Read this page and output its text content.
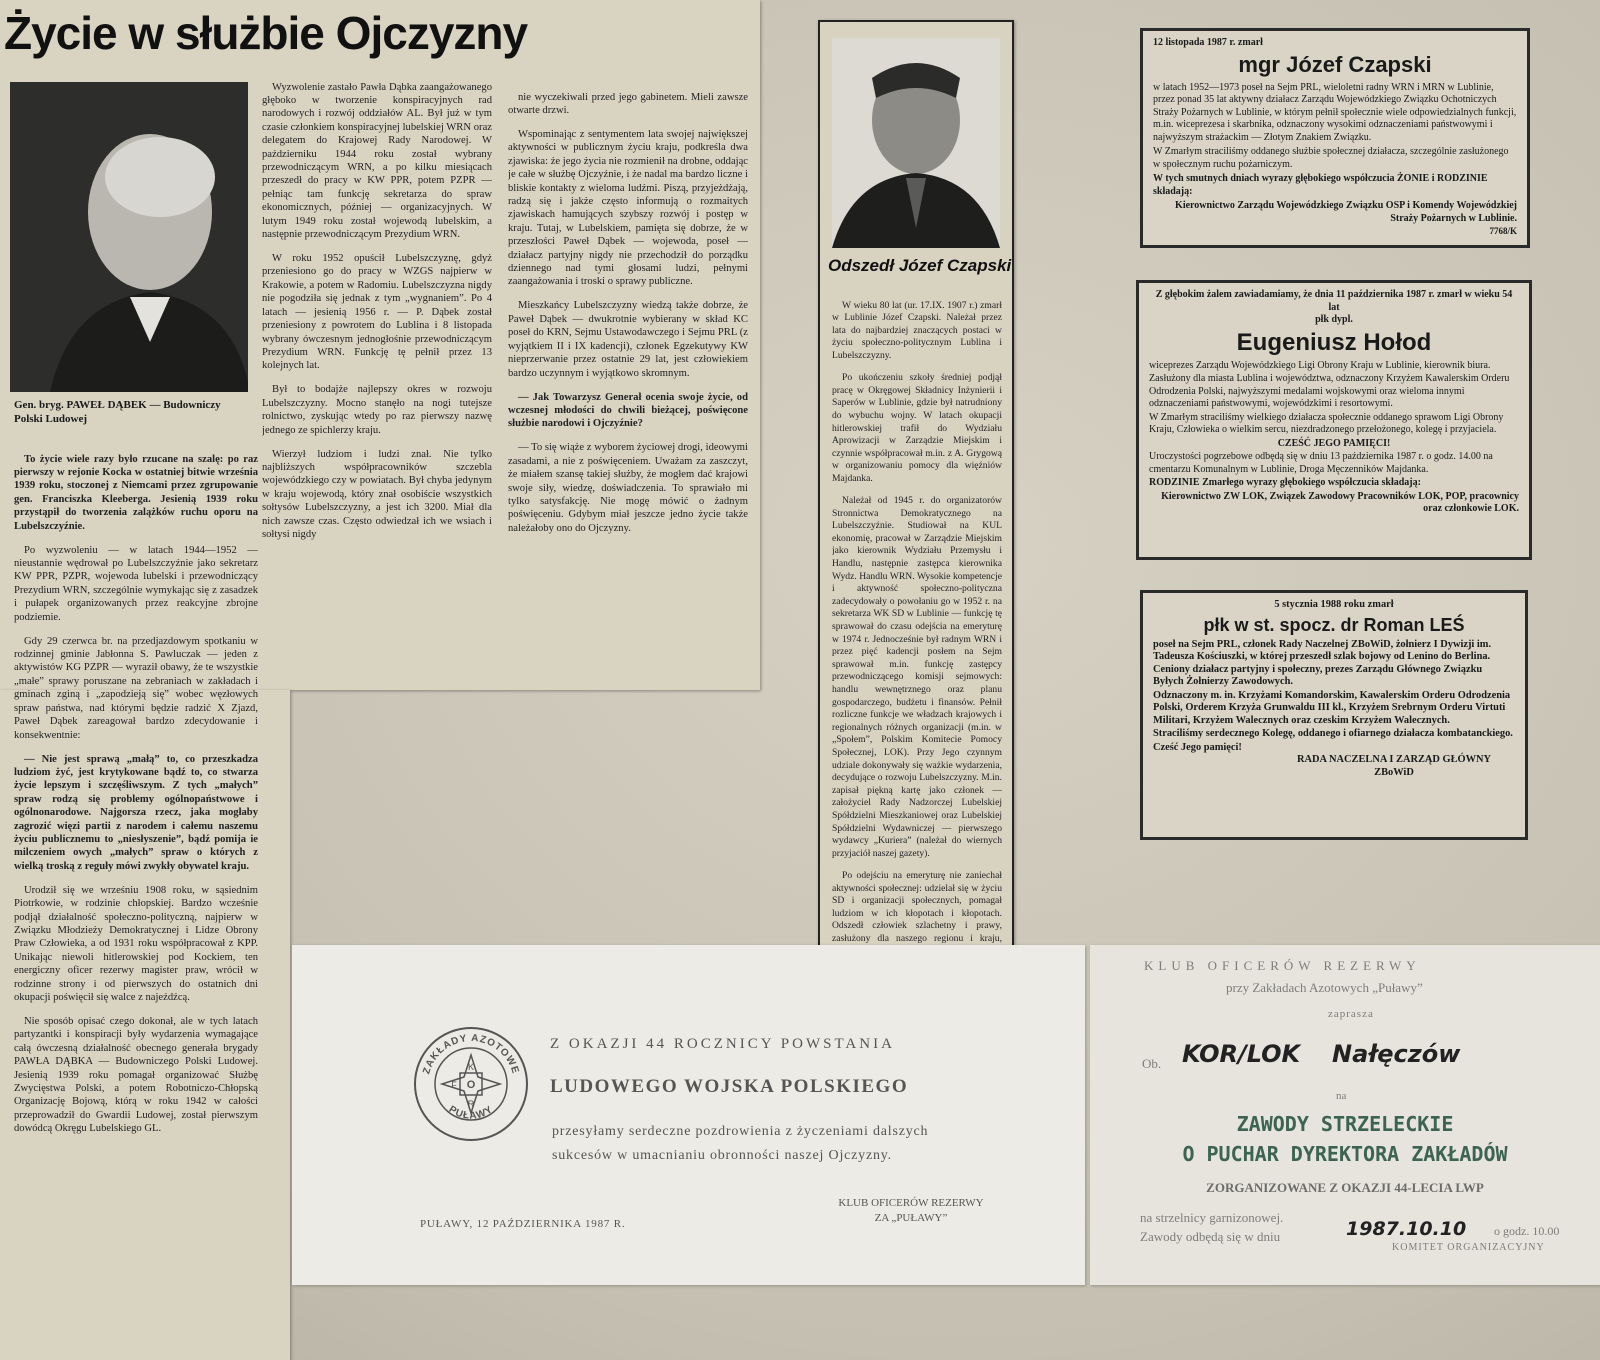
Życie w służbie Ojczyzny
Gen. bryg. PAWEŁ DĄBEK — Budowniczy Polski Ludowej

To życie wiele razy było rzucane na szalę: po raz pierwszy w rejonie Kocka w ostatniej bitwie września 1939 roku, stoczonej z Niemcami przez zgrupowanie gen. Franciszka Kleeberga. Jesienią 1939 roku przystąpił do tworzenia zalążków ruchu oporu na Lubelszczyźnie.

Po wyzwoleniu — w latach 1944—1952 — nieustannie wędrował po Lubelszczyźnie jako sekretarz KW PPR, PZPR, wojewoda lubelski i przewodniczący Prezydium WRN, szczególnie wymykając się z zasadzek i pułapek organizowanych przez reakcyjne zbrojne podziemie.

Gdy 29 czerwca br. na przedjazdowym spotkaniu w rodzinnej gminie Jabłonna S. Pawluczak — jeden z aktywistów KG PZPR — wyraził obawy, że te wszystkie „małe” sprawy poruszane na zebraniach w zakładach i gminach zginą i „zapodzieją się” wobec węzłowych spraw państwa, nad którymi będzie radzić X Zjazd, Paweł Dąbek zareagował bardzo zdecydowanie i konsekwentnie:

— Nie jest sprawą „małą” to, co przeszkadza ludziom żyć, jest krytykowane bądź to, co stwarza życie lepszym i szczęśliwszym. Z tych „małych” spraw rodzą się problemy ogólnopaństwowe i ogólnonarodowe. Najgorsza rzecz, jaka mogłaby zagrozić więzi partii z narodem i całemu naszemu życiu publicznemu to „niesłyszenie”, bądź pomija ie milczeniem owych „małych” spraw o których z wielką troską z reguły mówi zwykły obywatel kraju.

Urodził się we wrześniu 1908 roku, w sąsiednim Piotrkowie, w rodzinie chłopskiej. Bardzo wcześnie podjął działalność społeczno-polityczną, najpierw w Związku Młodzieży Demokratycznej i Lidze Obrony Praw Człowieka, a od 1931 roku współpracował z KPP. Unikając niewoli hitlerowskiej pod Kockiem, ten energiczny oficer rezerwy magister praw, wrócił w rodzinne strony i od pierwszych do ostatnich dni okupacji poświęcił się walce z najeźdźcą.

Nie sposób opisać czego dokonał, ale w tych latach partyzantki i konspiracji były wydarzenia wymagające całą ówczesną działalność obecnego generała brygady PAWŁA DĄBKA — Budowniczego Polski Ludowej. Jesienią 1939 roku pomagał organizować Służbę Zwycięstwa Polski, a potem Robotniczo-Chłopską Organizację Bojową, którą w roku 1942 w całości przeprowadził do Gwardii Ludowej, został pierwszym dowódcą Okręgu Lubelskiego GL.

Wyzwolenie zastało Pawła Dąbka zaangażowanego głęboko w tworzenie konspiracyjnych rad narodowych i rozwój oddziałów AL. Był już w tym czasie członkiem konspiracyjnej lubelskiej WRN oraz delegatem do Krajowej Rady Narodowej. W październiku 1944 roku został wybrany przewodniczącym WRN, a po kilku miesiącach przeszedł do pracy w KW PPR, potem PZPR — pełniąc tam funkcję sekretarza do spraw ekonomicznych, później — organizacyjnych. W lutym 1949 roku został wojewodą lubelskim, a następnie przewodniczącym Prezydium WRN.

W roku 1952 opuścił Lubelszczyznę, gdyż przeniesiono go do pracy w WZGS najpierw w Krakowie, a potem w Radomiu. Lubelszczyzna nigdy nie pogodziła się jednak z tym „wygnaniem”. Po 4 latach — jesienią 1956 r. — P. Dąbek został przeniesiony z powrotem do Lublina i 8 listopada wybrany ówczesnym jednogłośnie przewodniczącym Prezydium WRN. Funkcję tę pełnił przez 13 kolejnych lat.

Był to bodajże najlepszy okres w rozwoju Lubelszczyzny. Mocno stanęło na nogi tutejsze rolnictwo, zyskując wtedy po raz pierwszy nazwę jednego ze spichlerzy kraju.

Wierzył ludziom i ludzi znał. Nie tylko najbliższych współpracowników szczebla wojewódzkiego czy w powiatach. Był chyba jedynym w kraju wojewodą, który znał osobiście wszystkich sołtysów Lubelszczyzny, a jest ich 3200. Miał dla nich zawsze czas. Często odwiedzał ich we wsiach i sołtysi nigdy

nie wyczekiwali przed jego gabinetem. Mieli zawsze otwarte drzwi.

Wspominając z sentymentem lata swojej największej aktywności w publicznym życiu kraju, podkreśla dwa zjawiska: że jego życia nie rozmienił na drobne, oddając je całe w służbę Ojczyźnie, i że nadal ma bardzo liczne i bliskie kontakty z wieloma ludźmi. Piszą, przyjeżdżają, radzą się i jakże często informują o rozmaitych zjawiskach hamujących szybszy rozwój i postęp w kraju. Tutaj, w Lubelskiem, pamięta się dobrze, że w przeszłości Paweł Dąbek — wojewoda, poseł — działacz partyjny nigdy nie przechodził do porządku dziennego nad tymi głosami ludzi, pełnymi zaangażowania i troski o sprawy publiczne.

Mieszkańcy Lubelszczyzny wiedzą także dobrze, że Paweł Dąbek — dwukrotnie wybierany w skład KC poseł do KRN, Sejmu Ustawodawczego i Sejmu PRL (z wyjątkiem II i IX kadencji), członek Egzekutywy KW nieprzerwanie przez ostatnie 29 lat, jest człowiekiem bardzo uczynnym i wyjątkowo skromnym.

— Jak Towarzysz Generał ocenia swoje życie, od wczesnej młodości do chwili bieżącej, poświęcone służbie narodowi i Ojczyźnie?

— To się wiąże z wyborem życiowej drogi, ideowymi zasadami, a nie z poświęceniem. Uważam za zaszczyt, że miałem szansę takiej służby, że mogłem dać krajowi swoje siły, wiedzę, doświadczenia. To sprawiało mi tylko satysfakcję. Nie mogę mówić o żadnym poświęceniu. Gdybym miał jeszcze jedno życie także należałoby ono do Ojczyzny.

Odszedł Józef Czapski

W wieku 80 lat (ur. 17.IX. 1907 r.) zmarł w Lublinie Józef Czapski. Należał przez lata do najbardziej znaczących postaci w życiu społeczno-politycznym Lublina i Lubelszczyzny.

Po ukończeniu szkoły średniej podjął pracę w Okręgowej Składnicy Inżynierii i Saperów w Lublinie, gdzie był natrudniony do wybuchu wojny. W latach okupacji hitlerowskiej trafił do Wydziału Aprowizacji w Zarządzie Miejskim i czynnie współpracował m.in. z A. Grygową w organizowaniu pomocy dla więźniów Majdanka.

Należał od 1945 r. do organizatorów Stronnictwa Demokratycznego na Lubelszczyźnie. Studiował na KUL ekonomię, pracował w Zarządzie Miejskim jako kierownik Wydziału Przemysłu i Handlu, następnie zastępca kierownika Wydz. Handlu WRN. Wysokie kompetencje i aktywność społeczno-polityczna zadecydowały o powołaniu go w 1952 r. na sekretarza WK SD w Lublinie — funkcję tę sprawował do czasu odejścia na emeryturę w 1974 r. Jednocześnie był radnym WRN i przez pięć kadencji posłem na Sejm sprawował m.in. funkcję zastępcy przewodniczącego komisji sejmowych: handlu wewnętrznego oraz planu gospodarczego, budżetu i finansów. Pełnił rozliczne funkcje we władzach krajowych i regionalnych różnych organizacji (m.in. w „Społem”, Polskim Komitecie Pomocy Społecznej, LOK). Przy Jego czynnym udziale dokonywały się ważkie wydarzenia, decydujące o rozwoju Lubelszczyzny. M.in. zapisał piękną kartę jako członek — założyciel Rady Nadzorczej Lubelskiej Spółdzielni Mieszkaniowej oraz Lubelskiej Spółdzielni Wydawniczej — pierwszego wydawcy „Kuriera” (należał do wiernych przyjaciół naszej gazety).

Po odejściu na emeryturę nie zaniechał aktywności społecznej: udzielał się w życiu SD i organizacji społecznych, pomagał ludziom w ich kłopotach i kłopotach. Odszedł człowiek szlachetny i prawy, zasłużony dla naszego regionu i kraju,

12 listopada 1987 r. zmarł
mgr Józef Czapski

w latach 1952—1973 poseł na Sejm PRL, wieloletni radny WRN i MRN w Lublinie, przez ponad 35 lat aktywny działacz Zarządu Wojewódzkiego Związku Ochotniczych Straży Pożarnych w Lublinie, w którym pełnił społecznie wiele odpowiedzialnych funkcji, m.in. wiceprezesa i skarbnika, odznaczony wysokimi odznaczeniami państwowymi i najwyższym strażackim — Złotym Znakiem Związku.

W Zmarłym straciliśmy oddanego służbie społecznej działacza, szczególnie zasłużonego w społecznym ruchu pożarniczym.

W tych smutnych dniach wyrazy głębokiego współczucia ŻONIE i RODZINIE składają:

Kierownictwo Zarządu Wojewódzkiego Związku OSP i Komendy Wojewódzkiej Straży Pożarnych w Lublinie.
7768/K
Z głębokim żalem zawiadamiamy, że dnia 11 października 1987 r. zmarł w wieku 54 lat
płk dypl.
Eugeniusz Hołod

wiceprezes Zarządu Wojewódzkiego Ligi Obrony Kraju w Lublinie, kierownik biura.

Zasłużony dla miasta Lublina i województwa, odznaczony Krzyżem Kawalerskim Orderu Odrodzenia Polski, najwyższymi medalami wojskowymi oraz wieloma innymi odznaczeniami państwowymi, wojewódzkimi i resortowymi.

W Zmarłym straciliśmy wielkiego działacza społecznie oddanego sprawom Ligi Obrony Kraju, Człowieka o wielkim sercu, niezdradzonego przełożonego, kolegę i przyjaciela.

CZEŚĆ JEGO PAMIĘCI!

Uroczystości pogrzebowe odbędą się w dniu 13 października 1987 r. o godz. 14.00 na cmentarzu Komunalnym w Lublinie, Droga Męczenników Majdanka.

RODZINIE Zmarłego wyrazy głębokiego współczucia składają:

Kierownictwo ZW LOK, Związek Zawodowy Pracowników LOK, POP, pracownicy oraz członkowie LOK.
5 stycznia 1988 roku zmarł
płk w st. spocz. dr Roman LEŚ

poseł na Sejm PRL, członek Rady Naczelnej ZBoWiD, żołnierz I Dywizji im. Tadeusza Kościuszki, w której przeszedł szlak bojowy od Lenino do Berlina. Ceniony działacz partyjny i społeczny, prezes Zarządu Głównego Związku Byłych Żołnierzy Zawodowych.

Odznaczony m. in. Krzyżami Komandorskim, Kawalerskim Orderu Odrodzenia Polski, Orderem Krzyża Grunwaldu III kl., Krzyżem Srebrnym Orderu Virtuti Militari, Krzyżem Walecznych oraz czeskim Krzyżem Walecznych.

Straciliśmy serdecznego Kolegę, oddanego i ofiarnego działacza kombatanckiego.

Cześć Jego pamięci!
RADA NACZELNA I ZARZĄD GŁÓWNY
ZBoWiD
ZAKŁADY AZOTOWE
PUŁAWY
K
O
R
F
Z OKAZJI 44 ROCZNICY POWSTANIA
LUDOWEGO WOJSKA POLSKIEGO
przesyłamy serdeczne pozdrowienia z życzeniami dalszych
sukcesów w umacnianiu obronności naszej Ojczyzny.
PUŁAWY, 12 PAŹDZIERNIKA 1987 R.
KLUB OFICERÓW REZERWY
ZA „PUŁAWY”
KLUB OFICERÓW REZERWY
przy Zakładach Azotowych „Puławy”
zaprasza
Ob. KOR/LOK Nałęczów
na
ZAWODY STRZELECKIE
O PUCHAR DYREKTORA ZAKŁADÓW
ZORGANIZOWANE Z OKAZJI 44-LECIA LWP
na strzelnicy garnizonowej.
Zawody odbędą się w dniu	1987.10.10 o godz. 10.00
KOMITET ORGANIZACYJNY
